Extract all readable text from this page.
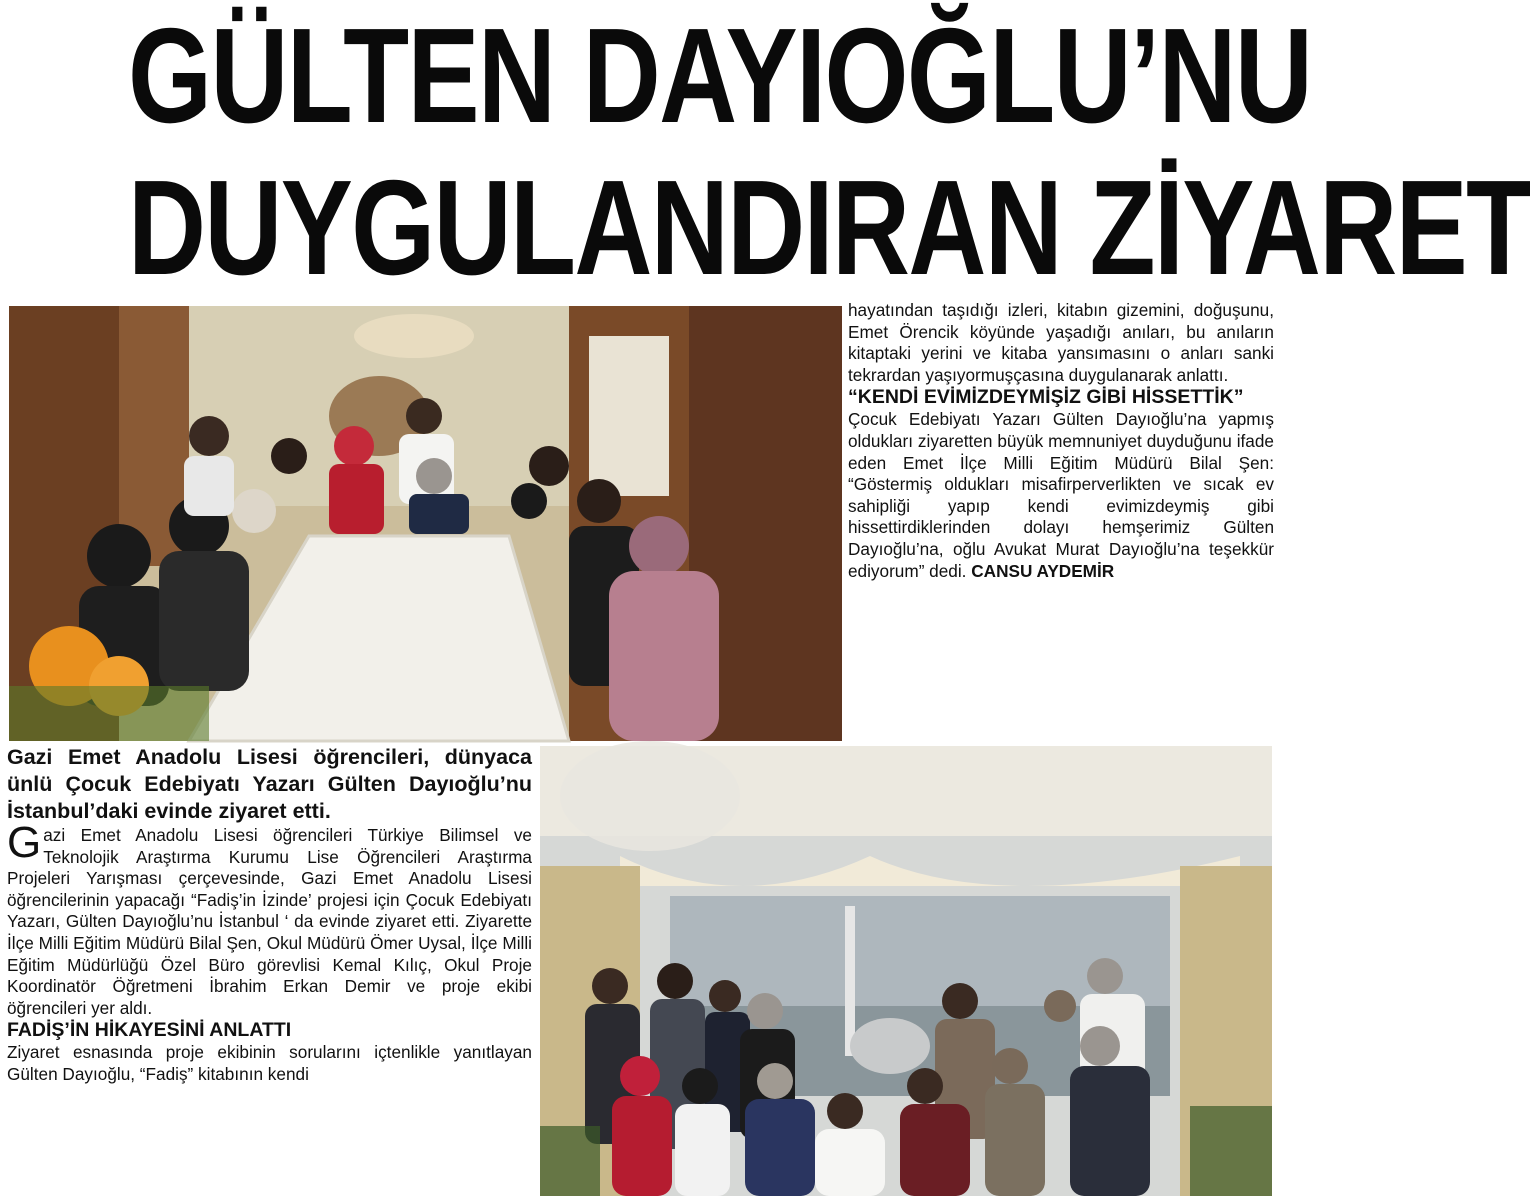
GÜLTEN DAYIOĞLU’NU
DUYGULANDIRAN ZİYARET

hayatından taşıdığı izleri, kitabın gizemini, doğuşunu, Emet Örencik köyünde yaşadığı anıları, bu anıların kitaptaki yerini ve kitaba yansımasını o anları sanki tekrardan yaşıyormuşçasına duygulanarak anlattı.

“KENDİ EVİMİZDEYMİŞİZ GİBİ HİSSETTİK”

Çocuk Edebiyatı Yazarı Gülten Dayıoğlu’na yapmış oldukları ziyaretten büyük memnuniyet duyduğunu ifade eden Emet İlçe Milli Eğitim Müdürü Bilal Şen: “Göstermiş oldukları misafirperverlikten ve sıcak ev sahipliği yapıp kendi evimizdeymiş gibi hissettirdiklerinden dolayı hemşerimiz Gülten Dayıoğlu’na, oğlu Avukat Murat Dayıoğlu’na teşekkür ediyorum” dedi. CANSU AYDEMİR

Gazi Emet Anadolu Lisesi öğrencileri, dünyaca ünlü Çocuk Edebiyatı Yazarı Gülten Dayıoğlu’nu İstanbul’daki evinde ziyaret etti.

Gazi Emet Anadolu Lisesi öğrencileri Türkiye Bilimsel ve Teknolojik Araştırma Kurumu Lise Öğrencileri Araştırma Projeleri Yarışması çerçevesinde, Gazi Emet Anadolu Lisesi öğrencilerinin yapacağı “Fadiş’in İzinde’ projesi için Çocuk Edebiyatı Yazarı, Gülten Dayıoğlu’nu İstanbul ‘ da evinde ziyaret etti. Ziyarette İlçe Milli Eğitim Müdürü Bilal Şen, Okul Müdürü Ömer Uysal, İlçe Milli Eğitim Müdürlüğü Özel Büro görevlisi Kemal Kılıç, Okul Proje Koordinatör Öğretmeni İbrahim Erkan Demir ve proje ekibi öğrencileri yer aldı.

FADİŞ’İN HİKAYESİNİ ANLATTI

Ziyaret esnasında proje ekibinin sorularını içtenlikle yanıtlayan Gülten Dayıoğlu, “Fadiş” kitabının kendi
